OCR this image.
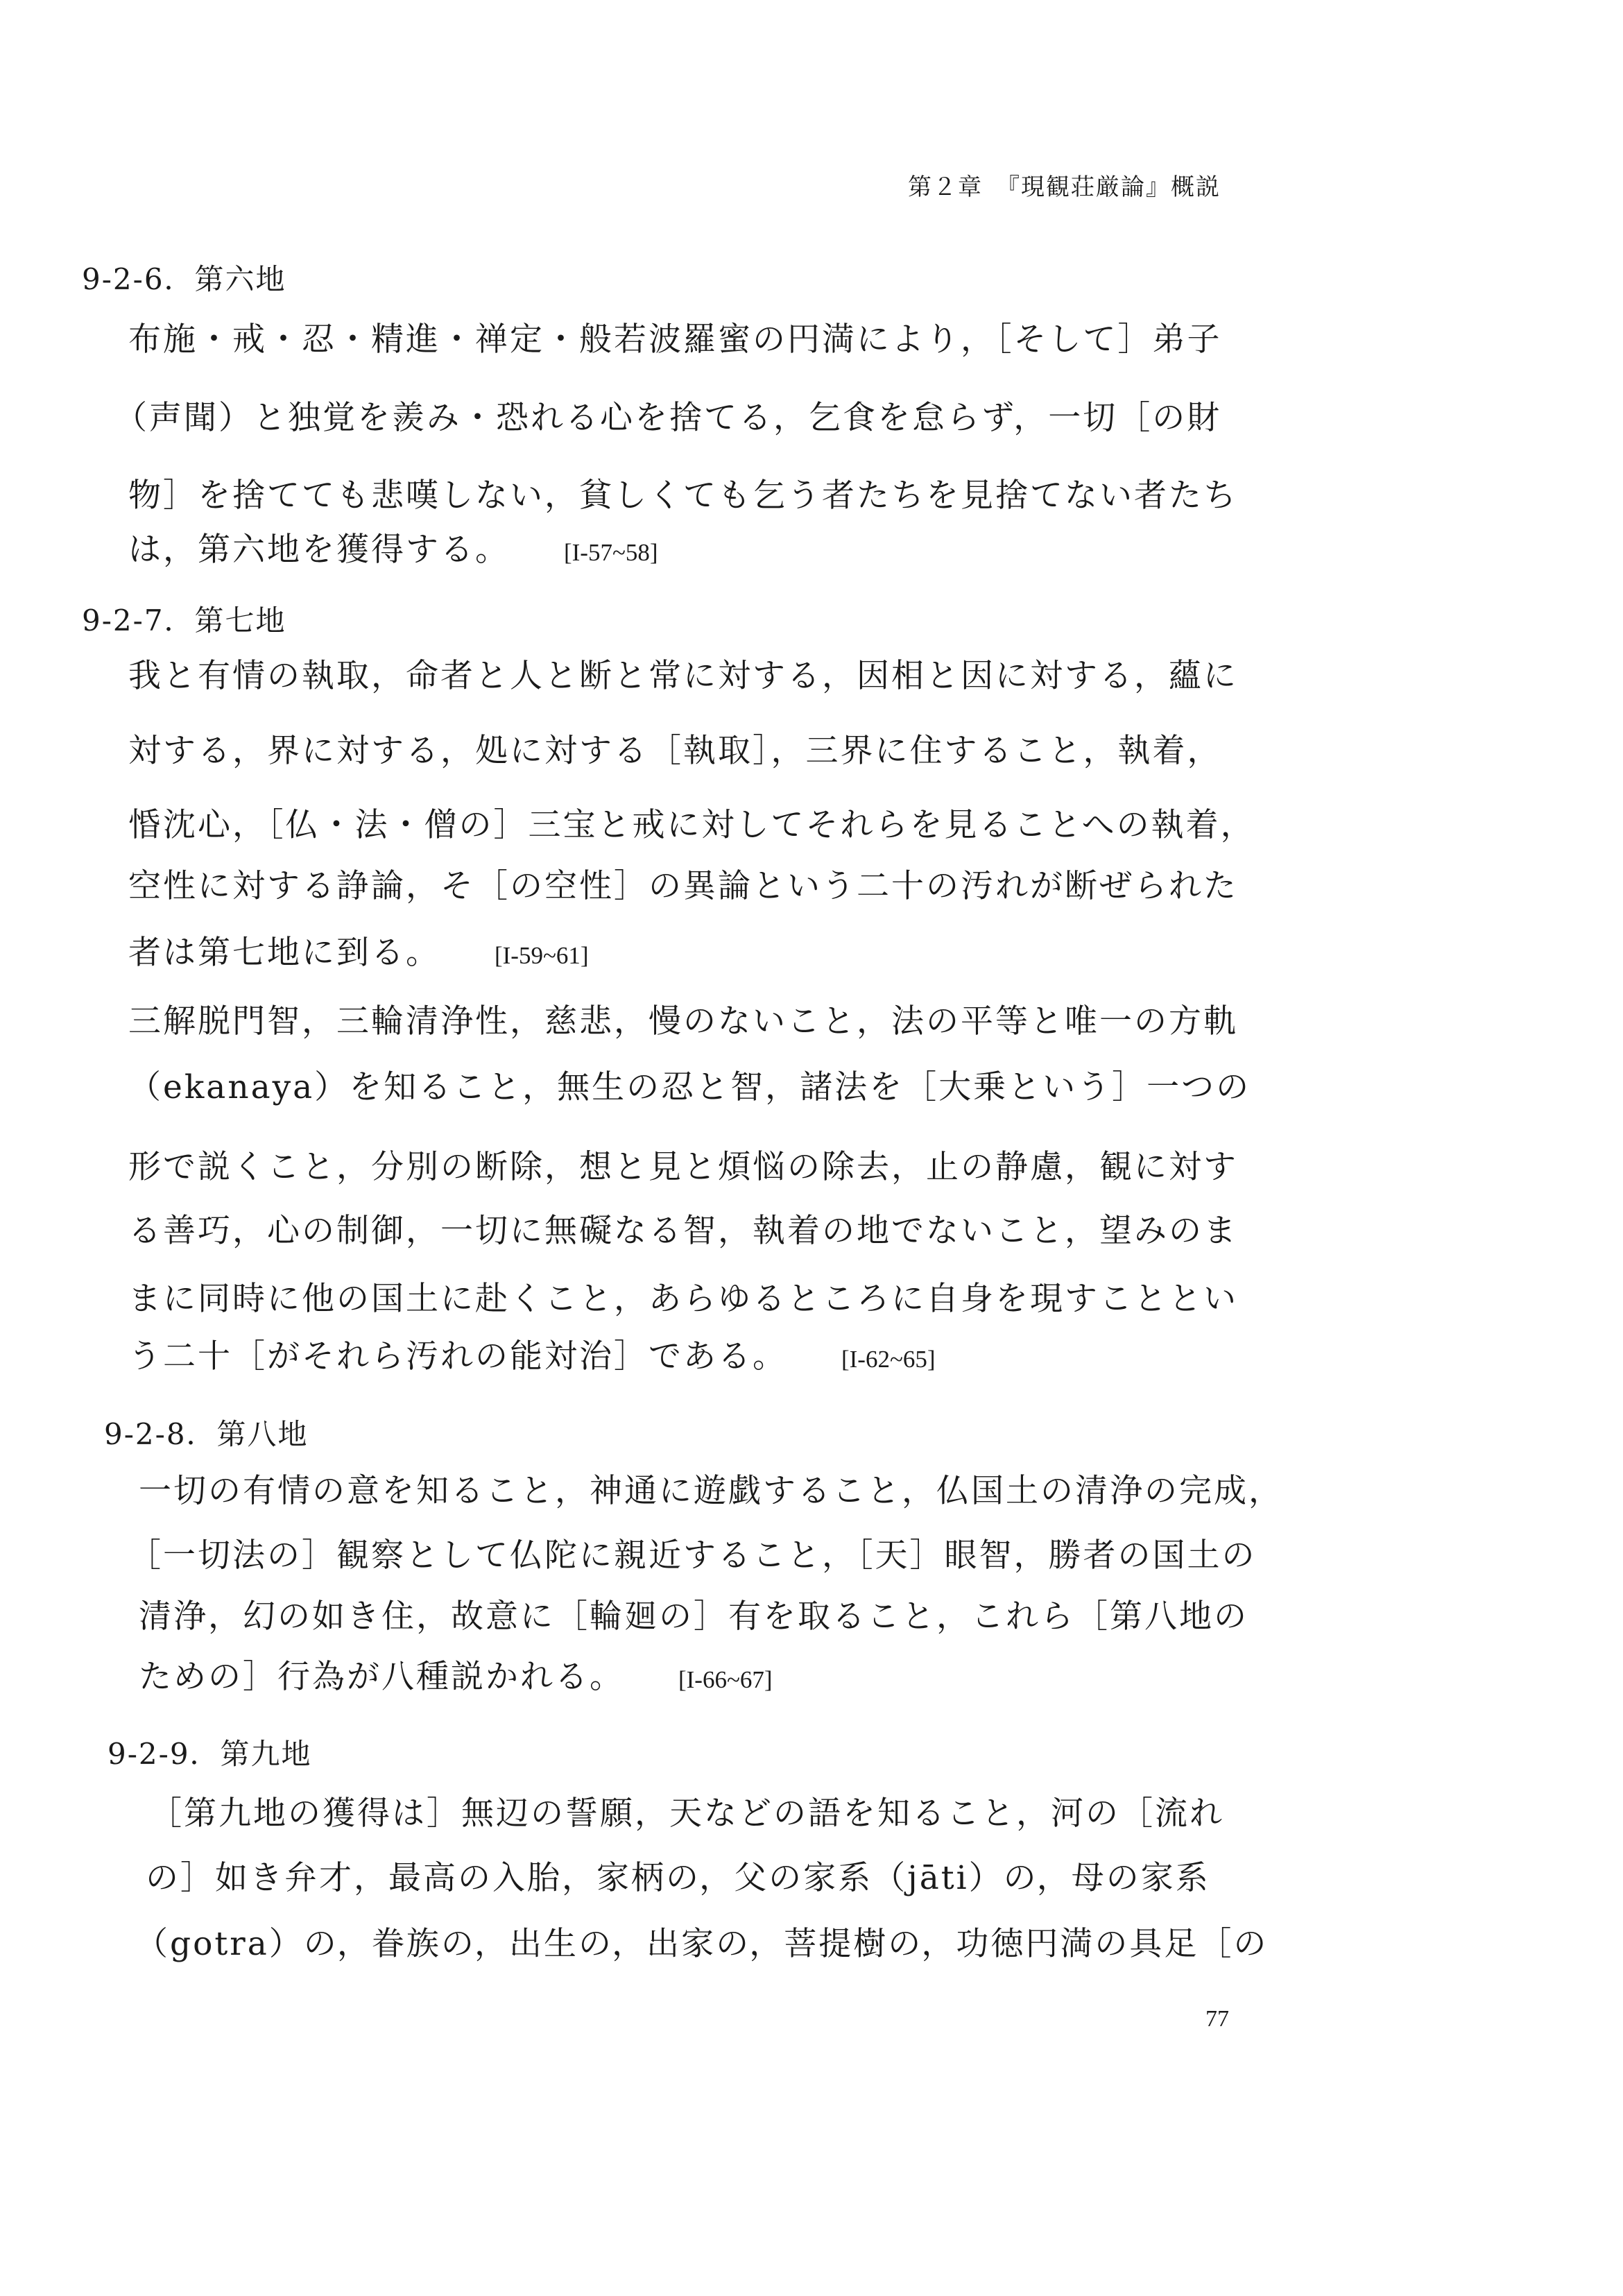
第２章　『現観荘厳論』概説
9-2-6．第六地
布施・戒・忍・精進・禅定・般若波羅蜜の円満により，［そして］弟子
（声聞）と独覚を羨み・恐れる心を捨てる，乞食を怠らず，一切［の財
物］を捨てても悲嘆しない，貧しくても乞う者たちを見捨てない者たち
は，第六地を獲得する。 [I-57~58]
9-2-7．第七地
我と有情の執取，命者と人と断と常に対する，因相と因に対する，蘊に
対する，界に対する，処に対する［執取］，三界に住すること，執着，
惛沈心，［仏・法・僧の］三宝と戒に対してそれらを見ることへの執着，
空性に対する諍論，そ［の空性］の異論という二十の汚れが断ぜられた
者は第七地に到る。 [I-59~61]
三解脱門智，三輪清浄性，慈悲，慢のないこと，法の平等と唯一の方軌
（ekanaya）を知ること，無生の忍と智，諸法を［大乗という］一つの
形で説くこと，分別の断除，想と見と煩悩の除去，止の静慮，観に対す
る善巧，心の制御，一切に無礙なる智，執着の地でないこと，望みのま
まに同時に他の国土に赴くこと，あらゆるところに自身を現すこととい
う二十［がそれら汚れの能対治］である。 [I-62~65]
9-2-8．第八地
一切の有情の意を知ること，神通に遊戯すること，仏国土の清浄の完成，
［一切法の］観察として仏陀に親近すること，［天］眼智，勝者の国土の
清浄，幻の如き住，故意に［輪廻の］有を取ること，これら［第八地の
ための］行為が八種説かれる。 [I-66~67]
9-2-9．第九地
［第九地の獲得は］無辺の誓願，天などの語を知ること，河の［流れ
の］如き弁才，最高の入胎，家柄の，父の家系（jāti）の，母の家系
（gotra）の，眷族の，出生の，出家の，菩提樹の，功徳円満の具足［の
77
